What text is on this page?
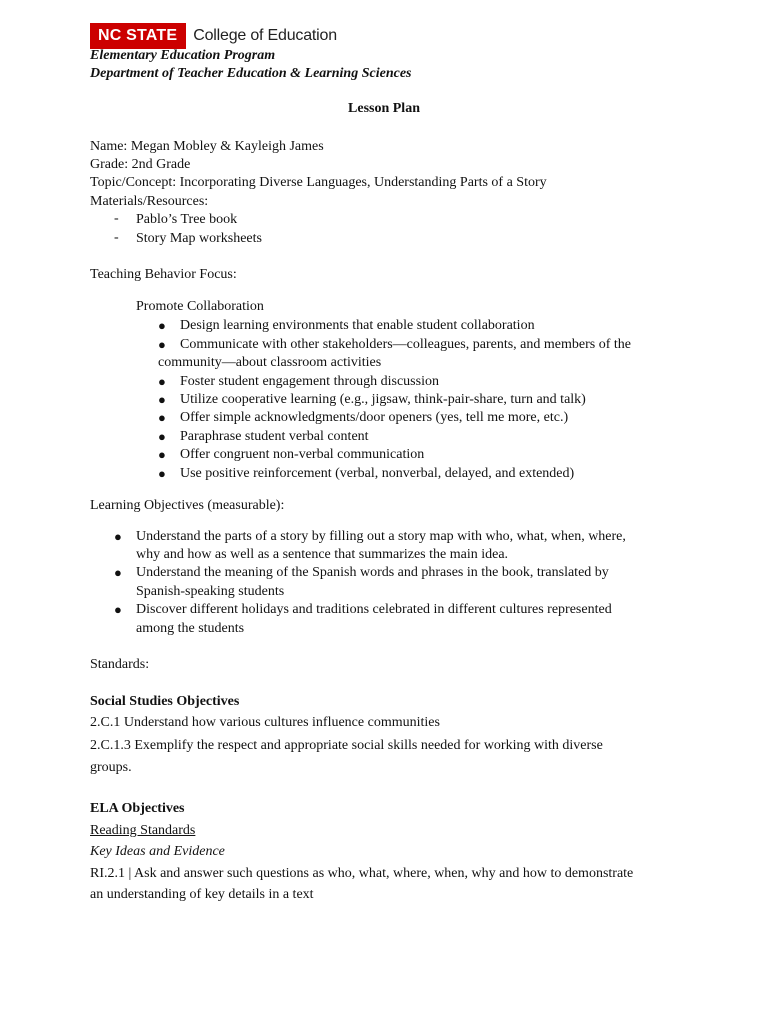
NC STATE	College of Education
Elementary Education Program
Department of Teacher Education & Learning Sciences
Lesson Plan
Name: Megan Mobley & Kayleigh James
Grade: 2nd Grade
Topic/Concept: Incorporating Diverse Languages, Understanding Parts of a Story
Materials/Resources:
- Pablo’s Tree book
- Story Map worksheets
Teaching Behavior Focus:
Promote Collaboration
● Design learning environments that enable student collaboration
● Communicate with other stakeholders—colleagues, parents, and members of the
community—about classroom activities
● Foster student engagement through discussion
● Utilize cooperative learning (e.g., jigsaw, think-pair-share, turn and talk)
● Offer simple acknowledgments/door openers (yes, tell me more, etc.)
● Paraphrase student verbal content
● Offer congruent non-verbal communication
● Use positive reinforcement (verbal, nonverbal, delayed, and extended)
Learning Objectives (measurable):
● Understand the parts of a story by filling out a story map with who, what, when, where,
why and how as well as a sentence that summarizes the main idea.
● Understand the meaning of the Spanish words and phrases in the book, translated by
Spanish-speaking students
● Discover different holidays and traditions celebrated in different cultures represented
among the students
Standards:
Social Studies Objectives
2.C.1 Understand how various cultures influence communities
2.C.1.3 Exemplify the respect and appropriate social skills needed for working with diverse
groups.
ELA Objectives
Reading Standards
Key Ideas and Evidence
RI.2.1 | Ask and answer such questions as who, what, where, when, why and how to demonstrate
an understanding of key details in a text
